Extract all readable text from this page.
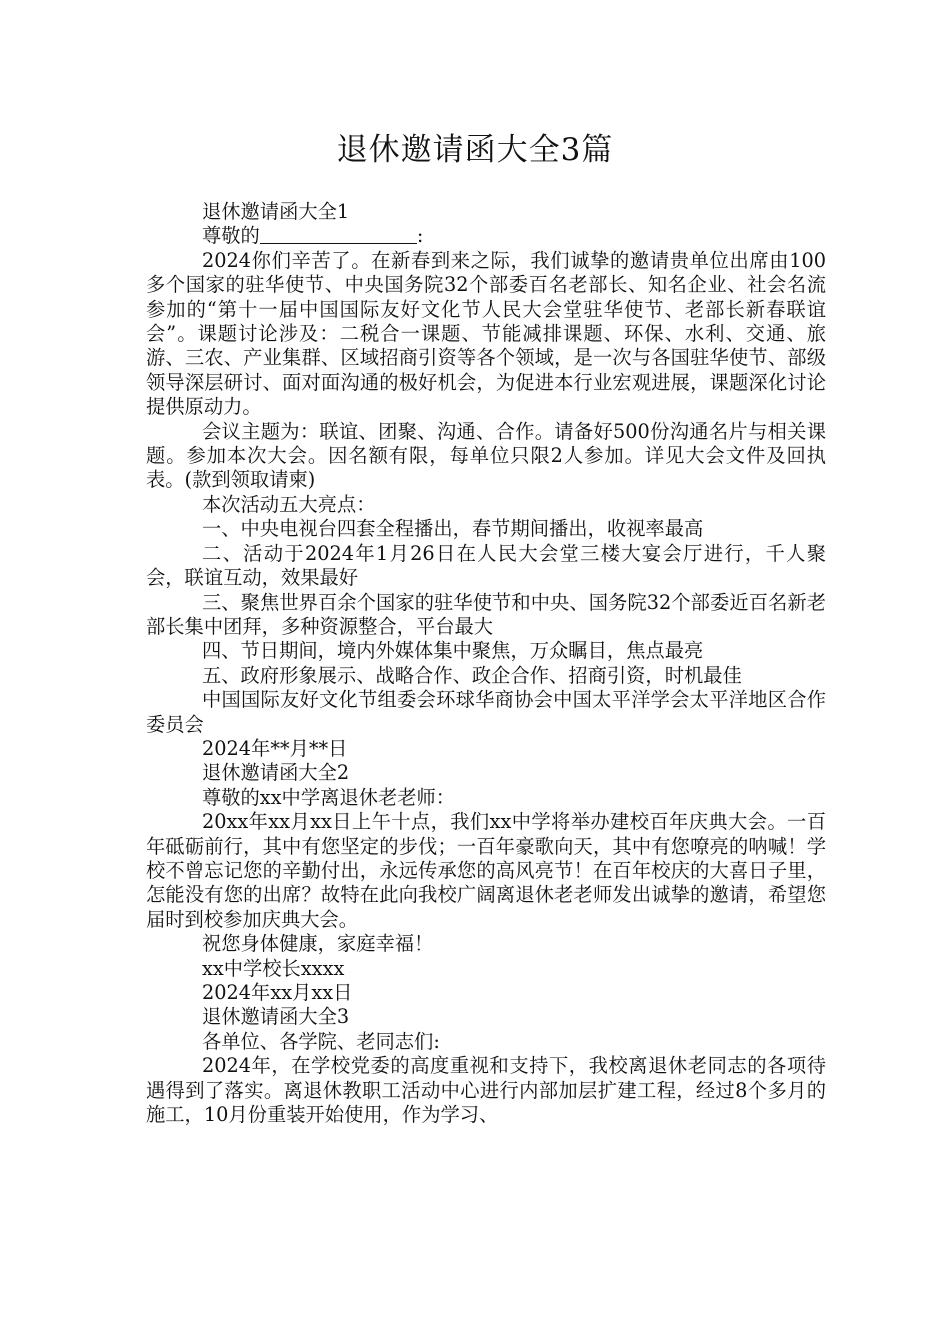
退休邀请函大全3篇

退休邀请函大全1

尊敬的	:

2024你们辛苦了。在新春到来之际，我们诚挚的邀请贵单位出席由100多个国家的驻华使节、中央国务院32个部委百名老部长、知名企业、社会名流参加的“第十一届中国国际友好文化节人民大会堂驻华使节、老部长新春联谊会”。课题讨论涉及：二税合一课题、节能减排课题、环保、水利、交通、旅游、三农、产业集群、区域招商引资等各个领域，是一次与各国驻华使节、部级领导深层研讨、面对面沟通的极好机会，为促进本行业宏观进展，课题深化讨论提供原动力。

会议主题为：联谊、团聚、沟通、合作。请备好500份沟通名片与相关课题。参加本次大会。因名额有限，每单位只限2人参加。详见大会文件及回执表。(款到领取请柬)

本次活动五大亮点：

一、中央电视台四套全程播出，春节期间播出，收视率最高

二、活动于2024年1月26日在人民大会堂三楼大宴会厅进行，千人聚会，联谊互动，效果最好

三、聚焦世界百余个国家的驻华使节和中央、国务院32个部委近百名新老部长集中团拜，多种资源整合，平台最大

四、节日期间，境内外媒体集中聚焦，万众瞩目，焦点最亮

五、政府形象展示、战略合作、政企合作、招商引资，时机最佳

中国国际友好文化节组委会环球华商协会中国太平洋学会太平洋地区合作委员会

2024年**月**日

退休邀请函大全2

尊敬的xx中学离退休老老师：

20xx年xx月xx日上午十点，我们xx中学将举办建校百年庆典大会。一百年砥砺前行，其中有您坚定的步伐；一百年豪歌向天，其中有您嘹亮的呐喊！学校不曾忘记您的辛勤付出，永远传承您的高风亮节！在百年校庆的大喜日子里，怎能没有您的出席？故特在此向我校广阔离退休老老师发出诚挚的邀请，希望您届时到校参加庆典大会。

祝您身体健康，家庭幸福！

xx中学校长xxxx

2024年xx月xx日

退休邀请函大全3

各单位、各学院、老同志们:

2024年，在学校党委的高度重视和支持下，我校离退休老同志的各项待遇得到了落实。离退休教职工活动中心进行内部加层扩建工程，经过8个多月的施工，10月份重装开始使用，作为学习、
